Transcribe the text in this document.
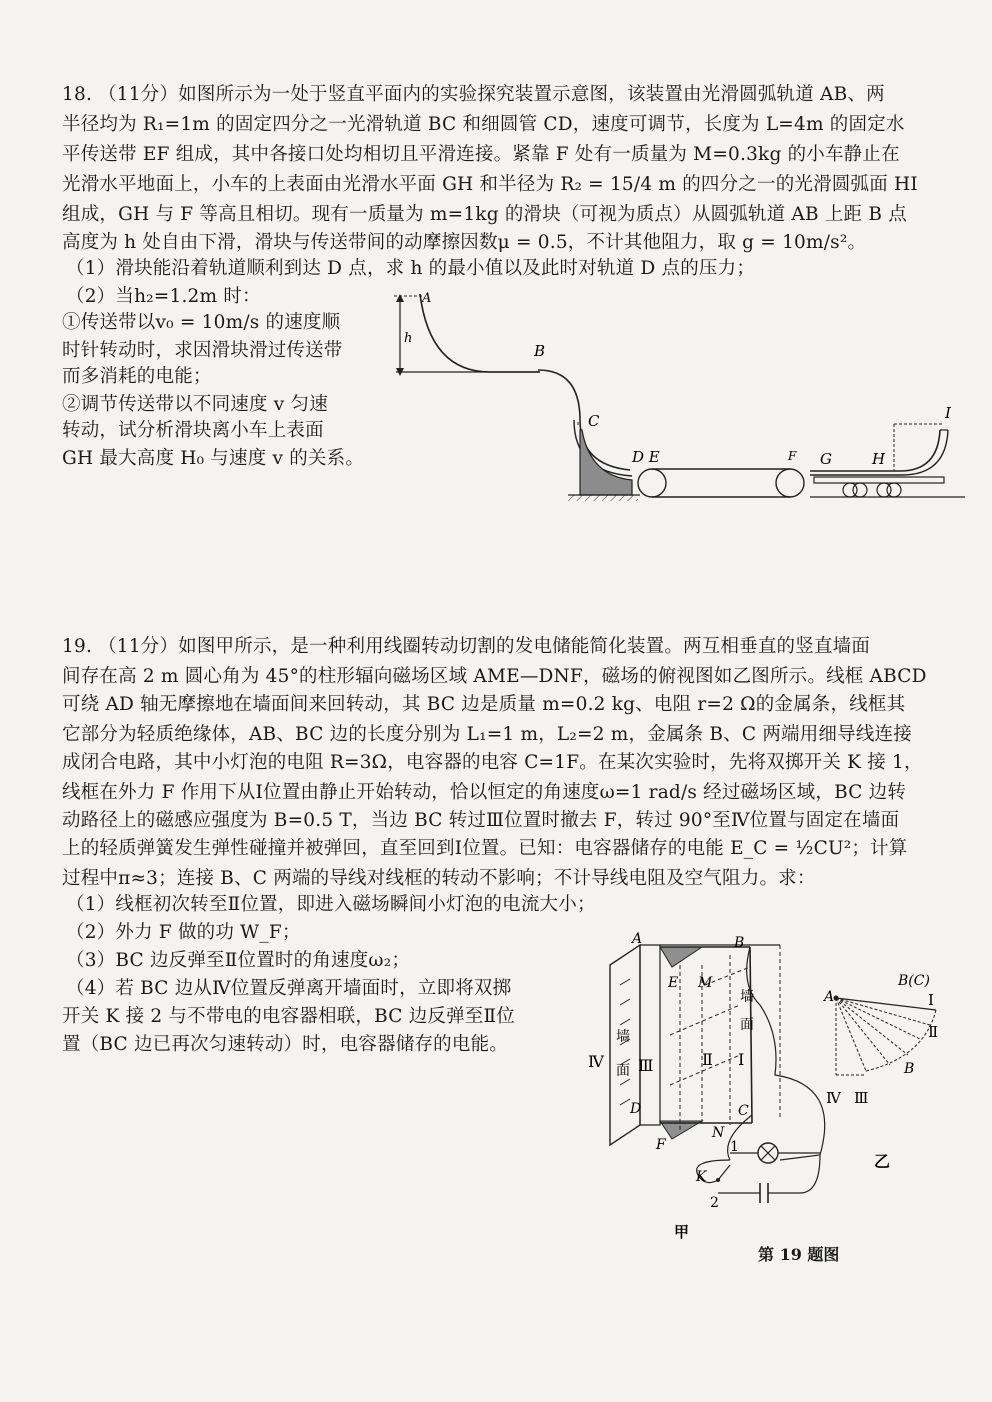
18. （11分）如图所示为一处于竖直平面内的实验探究装置示意图，该装置由光滑圆弧轨道 AB、两
半径均为 R₁=1m 的固定四分之一光滑轨道 BC 和细圆管 CD，速度可调节，长度为 L=4m 的固定水
平传送带 EF 组成，其中各接口处均相切且平滑连接。紧靠 F 处有一质量为 M=0.3kg 的小车静止在
光滑水平地面上，小车的上表面由光滑水平面 GH 和半径为 R₂ = 15/4 m 的四分之一的光滑圆弧面 HI
组成，GH 与 F 等高且相切。现有一质量为 m=1kg 的滑块（可视为质点）从圆弧轨道 AB 上距 B 点
高度为 h 处自由下滑，滑块与传送带间的动摩擦因数μ = 0.5，不计其他阻力，取 g = 10m/s²。
（1）滑块能沿着轨道顺利到达 D 点，求 h 的最小值以及此时对轨道 D 点的压力；
（2）当h₂=1.2m 时：
①传送带以v₀ = 10m/s 的速度顺
时针转动时，求因滑块滑过传送带
而多消耗的电能；
②调节传送带以不同速度 v 匀速
转动，试分析滑块离小车上表面
GH 最大高度 H₀ 与速度 v 的关系。
A
h
B
C
D E	F G	H
I
19. （11分）如图甲所示，是一种利用线圈转动切割的发电储能简化装置。两互相垂直的竖直墙面
间存在高 2 m 圆心角为 45°的柱形辐向磁场区域 AME—DNF，磁场的俯视图如乙图所示。线框 ABCD
可绕 AD 轴无摩擦地在墙面间来回转动，其 BC 边是质量 m=0.2 kg、电阻 r=2 Ω的金属条，线框其
它部分为轻质绝缘体，AB、BC 边的长度分别为 L₁=1 m，L₂=2 m，金属条 B、C 两端用细导线连接
成闭合电路，其中小灯泡的电阻 R=3Ω，电容器的电容 C=1F。在某次实验时，先将双掷开关 K 接 1，
线框在外力 F 作用下从Ⅰ位置由静止开始转动，恰以恒定的角速度ω=1 rad/s 经过磁场区域，BC 边转
动路径上的磁感应强度为 B=0.5 T，当边 BC 转过Ⅲ位置时撤去 F，转过 90°至Ⅳ位置与固定在墙面
上的轻质弹簧发生弹性碰撞并被弹回，直至回到Ⅰ位置。已知：电容器储存的电能 E_C = ½CU²；计算
过程中π≈3；连接 B、C 两端的导线对线框的转动不影响；不计导线电阻及空气阻力。求：
（1）线框初次转至Ⅱ位置，即进入磁场瞬间小灯泡的电流大小；
（2）外力 F 做的功 W_F；
（3）BC 边反弹至Ⅱ位置时的角速度ω₂；
（4）若 BC 边从Ⅳ位置反弹离开墙面时，立即将双掷
开关 K 接 2 与不带电的电容器相联，BC 边反弹至Ⅱ位
置（BC 边已再次匀速转动）时，电容器储存的电能。
A	B
E M
墙
面
墙
面
Ⅳ Ⅲ	Ⅱ Ⅰ
D	C
N
F	1
K
2
甲
B(C)
A	Ⅰ
Ⅱ
B
Ⅳ Ⅲ
乙
第 19 题图
